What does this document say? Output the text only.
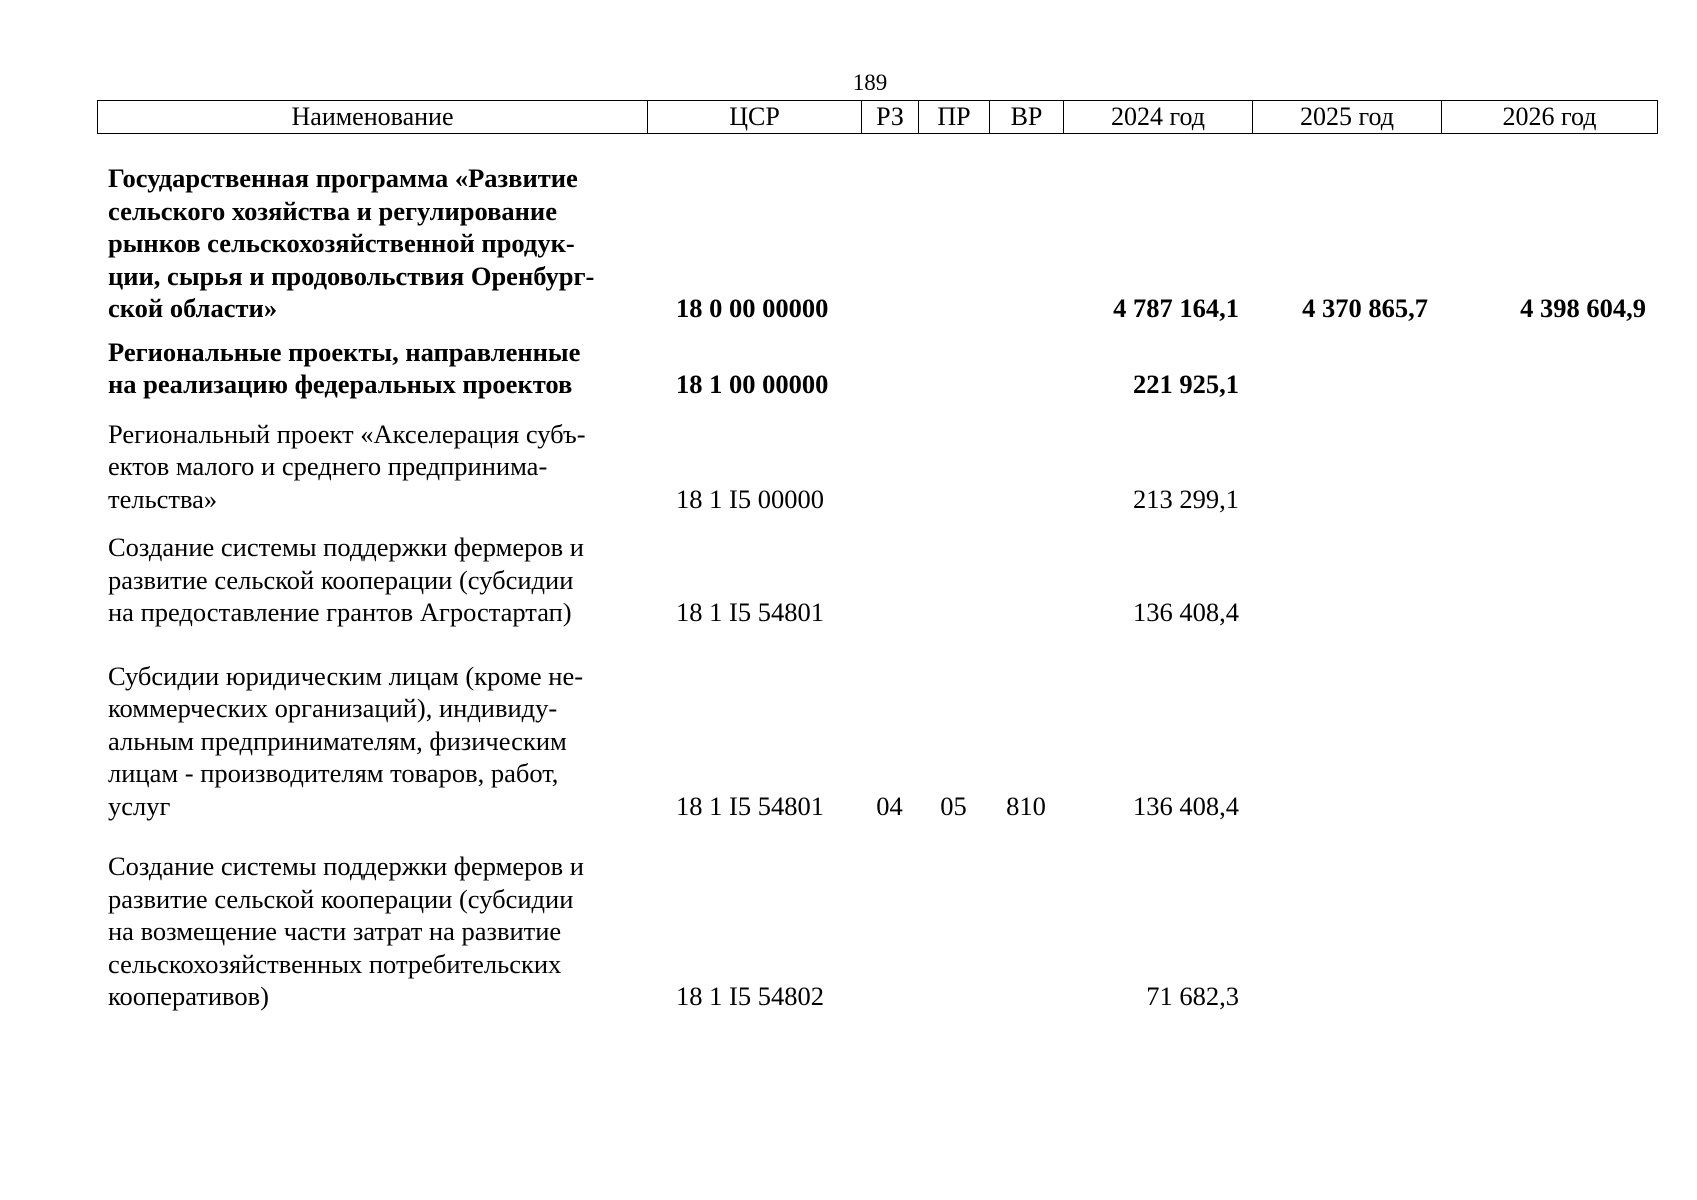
189
Наименование	ЦСР	РЗ	ПР	ВР	2024 год	2025 год	2026 год
Государственная программа «Развитие
сельского хозяйства и регулирование
рынков сельскохозяйственной продук-
ции, сырья и продовольствия Оренбург-
ской области»	18 0 00 00000				4 787 164,1	4 370 865,7	4 398 604,9

Региональные проекты, направленные
на реализацию федеральных проектов	18 1 00 00000				221 925,1		

Региональный проект «Акселерация субъ-
ектов малого и среднего предпринима-
тельства»	18 1 I5 00000				213 299,1		

Создание системы поддержки фермеров и
развитие сельской кооперации (субсидии
на предоставление грантов Агростартап)	18 1 I5 54801				136 408,4		

Субсидии юридическим лицам (кроме не-
коммерческих организаций), индивиду-
альным предпринимателям, физическим
лицам - производителям товаров, работ,
услуг	18 1 I5 54801	04	05	810	136 408,4		

Создание системы поддержки фермеров и
развитие сельской кооперации (субсидии
на возмещение части затрат на развитие
сельскохозяйственных потребительских
кооперативов)	18 1 I5 54802				71 682,3		
